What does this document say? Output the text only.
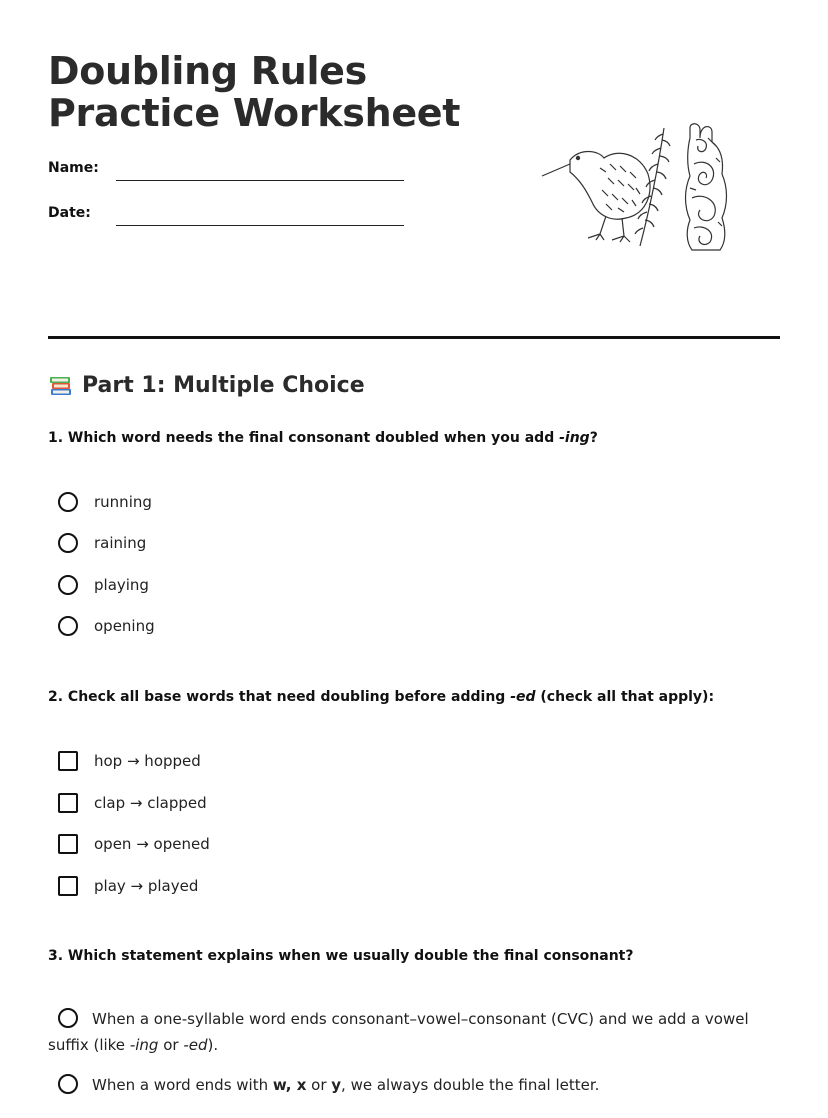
Doubling Rules Practice Worksheet
Name:
Date:
Part 1: Multiple Choice
1. Which word needs the final consonant doubled when you add -ing?
running
raining
playing
opening
2. Check all base words that need doubling before adding -ed (check all that apply):
hop → hopped
clap → clapped
open → opened
play → played
3. Which statement explains when we usually double the final consonant?
When a one-syllable word ends consonant–vowel–consonant (CVC) and we add a vowel suffix (like -ing or -ed).
When a word ends with w, x or y, we always double the final letter.
